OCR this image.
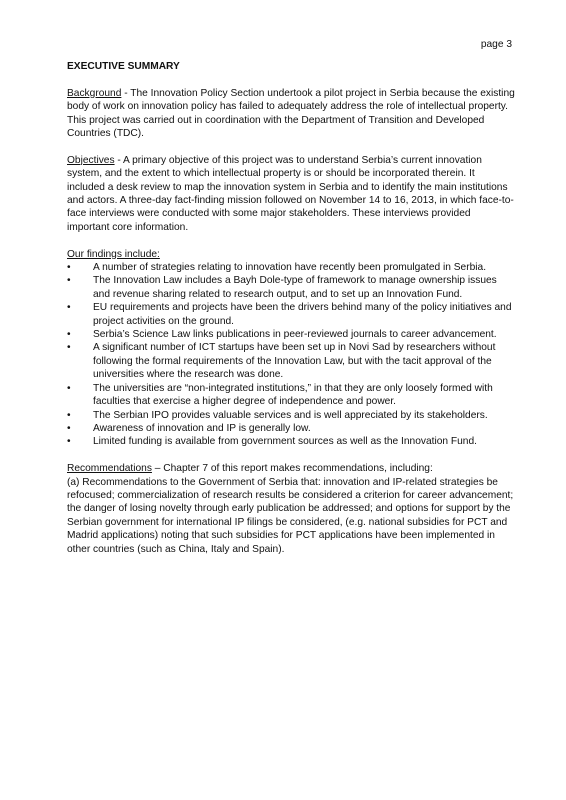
page 3
EXECUTIVE SUMMARY

Background - The Innovation Policy Section undertook a pilot project in Serbia because the existing body of work on innovation policy has failed to adequately address the role of intellectual property. This project was carried out in coordination with the Department of Transition and Developed Countries (TDC).

Objectives - A primary objective of this project was to understand Serbia’s current innovation system, and the extent to which intellectual property is or should be incorporated therein. It included a desk review to map the innovation system in Serbia and to identify the main institutions and actors. A three-day fact-finding mission followed on November 14 to 16, 2013, in which face-to-face interviews were conducted with some major stakeholders. These interviews provided important core information.

Our findings include:
• A number of strategies relating to innovation have recently been promulgated in Serbia.
• The Innovation Law includes a Bayh Dole-type of framework to manage ownership issues and revenue sharing related to research output, and to set up an Innovation Fund.
• EU requirements and projects have been the drivers behind many of the policy initiatives and project activities on the ground.
• Serbia’s Science Law links publications in peer-reviewed journals to career advancement.
• A significant number of ICT startups have been set up in Novi Sad by researchers without following the formal requirements of the Innovation Law, but with the tacit approval of the universities where the research was done.
• The universities are “non-integrated institutions,” in that they are only loosely formed with faculties that exercise a higher degree of independence and power.
• The Serbian IPO provides valuable services and is well appreciated by its stakeholders.
• Awareness of innovation and IP is generally low.
• Limited funding is available from government sources as well as the Innovation Fund.

Recommendations – Chapter 7 of this report makes recommendations, including:
(a) Recommendations to the Government of Serbia that: innovation and IP-related strategies be refocused; commercialization of research results be considered a criterion for career advancement; the danger of losing novelty through early publication be addressed; and options for support by the Serbian government for international IP filings be considered, (e.g. national subsidies for PCT and Madrid applications) noting that such subsidies for PCT applications have been implemented in other countries (such as China, Italy and Spain).
